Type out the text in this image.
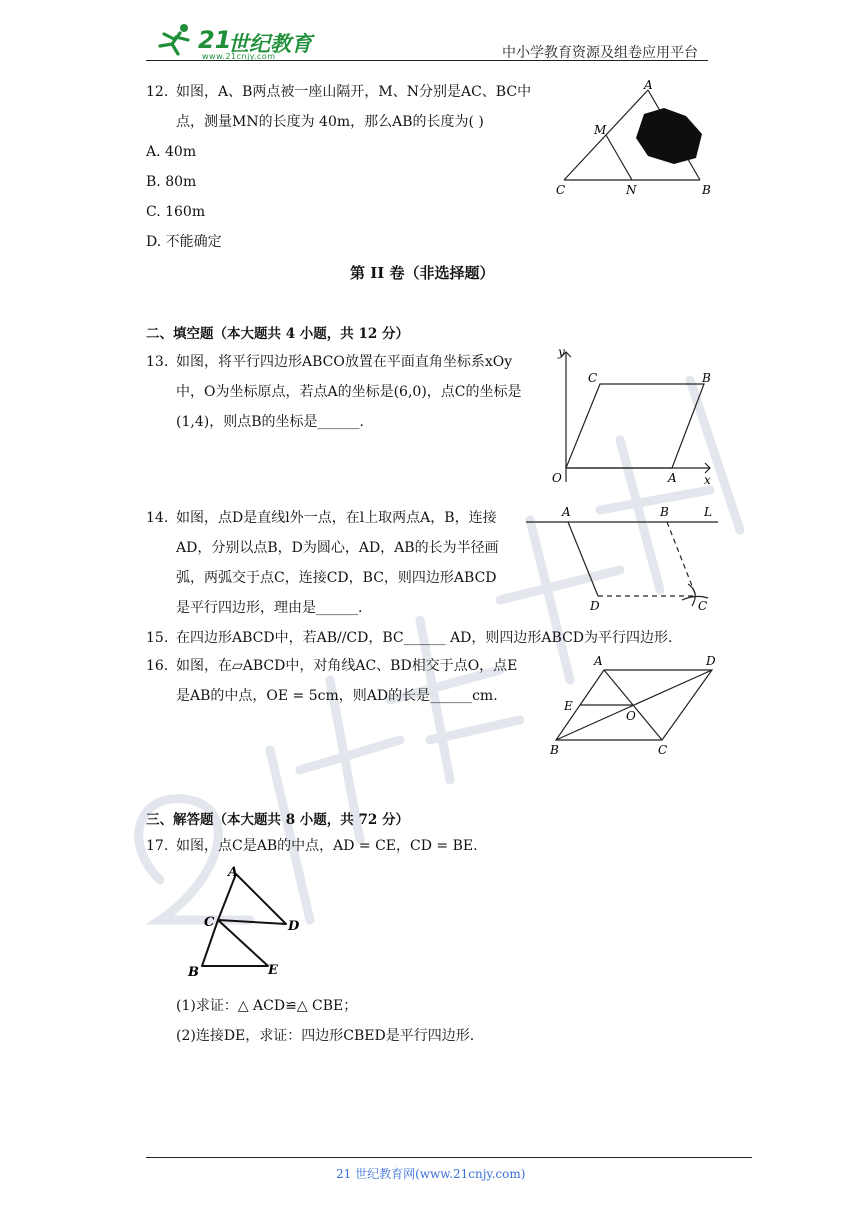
21
世纪教育
www.21cnjy.com	中小学教育资源及组卷应用平台
12. 如图，A、B两点被一座山隔开，M、N分别是AC、BC中
点，测量MN的长度为 40m，那么AB的长度为( )
A. 40m
B. 80m
C. 160m
D. 不能确定
A
M
C	N	B
第 II 卷（非选择题）
二、填空题（本大题共 4 小题，共 12 分）
13. 如图，将平行四边形ABCO放置在平面直角坐标系xOy
中，O为坐标原点，若点A的坐标是(6,0)，点C的坐标是
(1,4)，则点B的坐标是______.
y
C	B
O	A x
14. 如图，点D是直线l外一点，在l上取两点A，B，连接
AD，分别以点B，D为圆心，AD，AB的长为半径画
弧，两弧交于点C，连接CD，BC，则四边形ABCD
是平行四边形，理由是______.
A	B	L
D	C
15. 在四边形ABCD中，若AB//CD，BC______ AD，则四边形ABCD为平行四边形.
16. 如图，在▱ABCD中，对角线AC、BD相交于点O，点E
是AB的中点，OE = 5cm，则AD的长是______cm.
A	D
E
O
B	C
三、解答题（本大题共 8 小题，共 72 分）
17. 如图，点C是AB的中点，AD = CE，CD = BE.
A
C	D
B	E
(1)求证：△ ACD≌△ CBE；
(2)连接DE，求证：四边形CBED是平行四边形.
21 世纪教育网(www.21cnjy.com)
